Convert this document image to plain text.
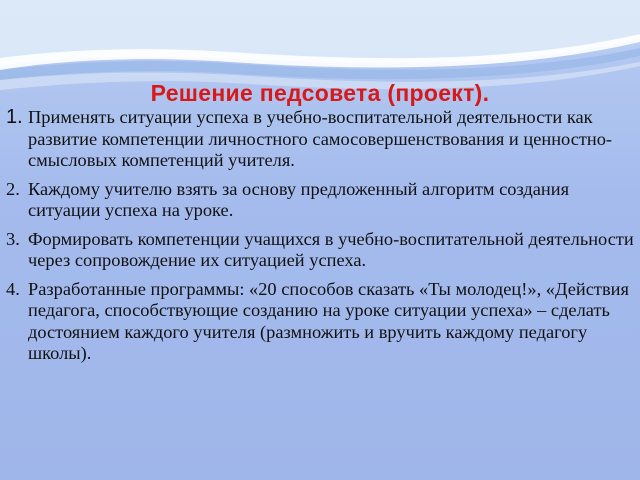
Решение педсовета (проект).
1. Применять ситуации успеха в учебно-воспитательной деятельности как развитие компетенции личностного самосовершенствования и ценностно-смысловых компетенций учителя.
2. Каждому учителю взять за основу предложенный алгоритм создания ситуации успеха на уроке.
3. Формировать компетенции учащихся в учебно-воспитательной деятельности через сопровождение их ситуацией успеха.
4. Разработанные программы: «20 способов сказать «Ты молодец!», «Действия педагога, способствующие созданию на уроке ситуации успеха» – сделать достоянием каждого учителя (размножить и вручить каждому педагогу школы).
